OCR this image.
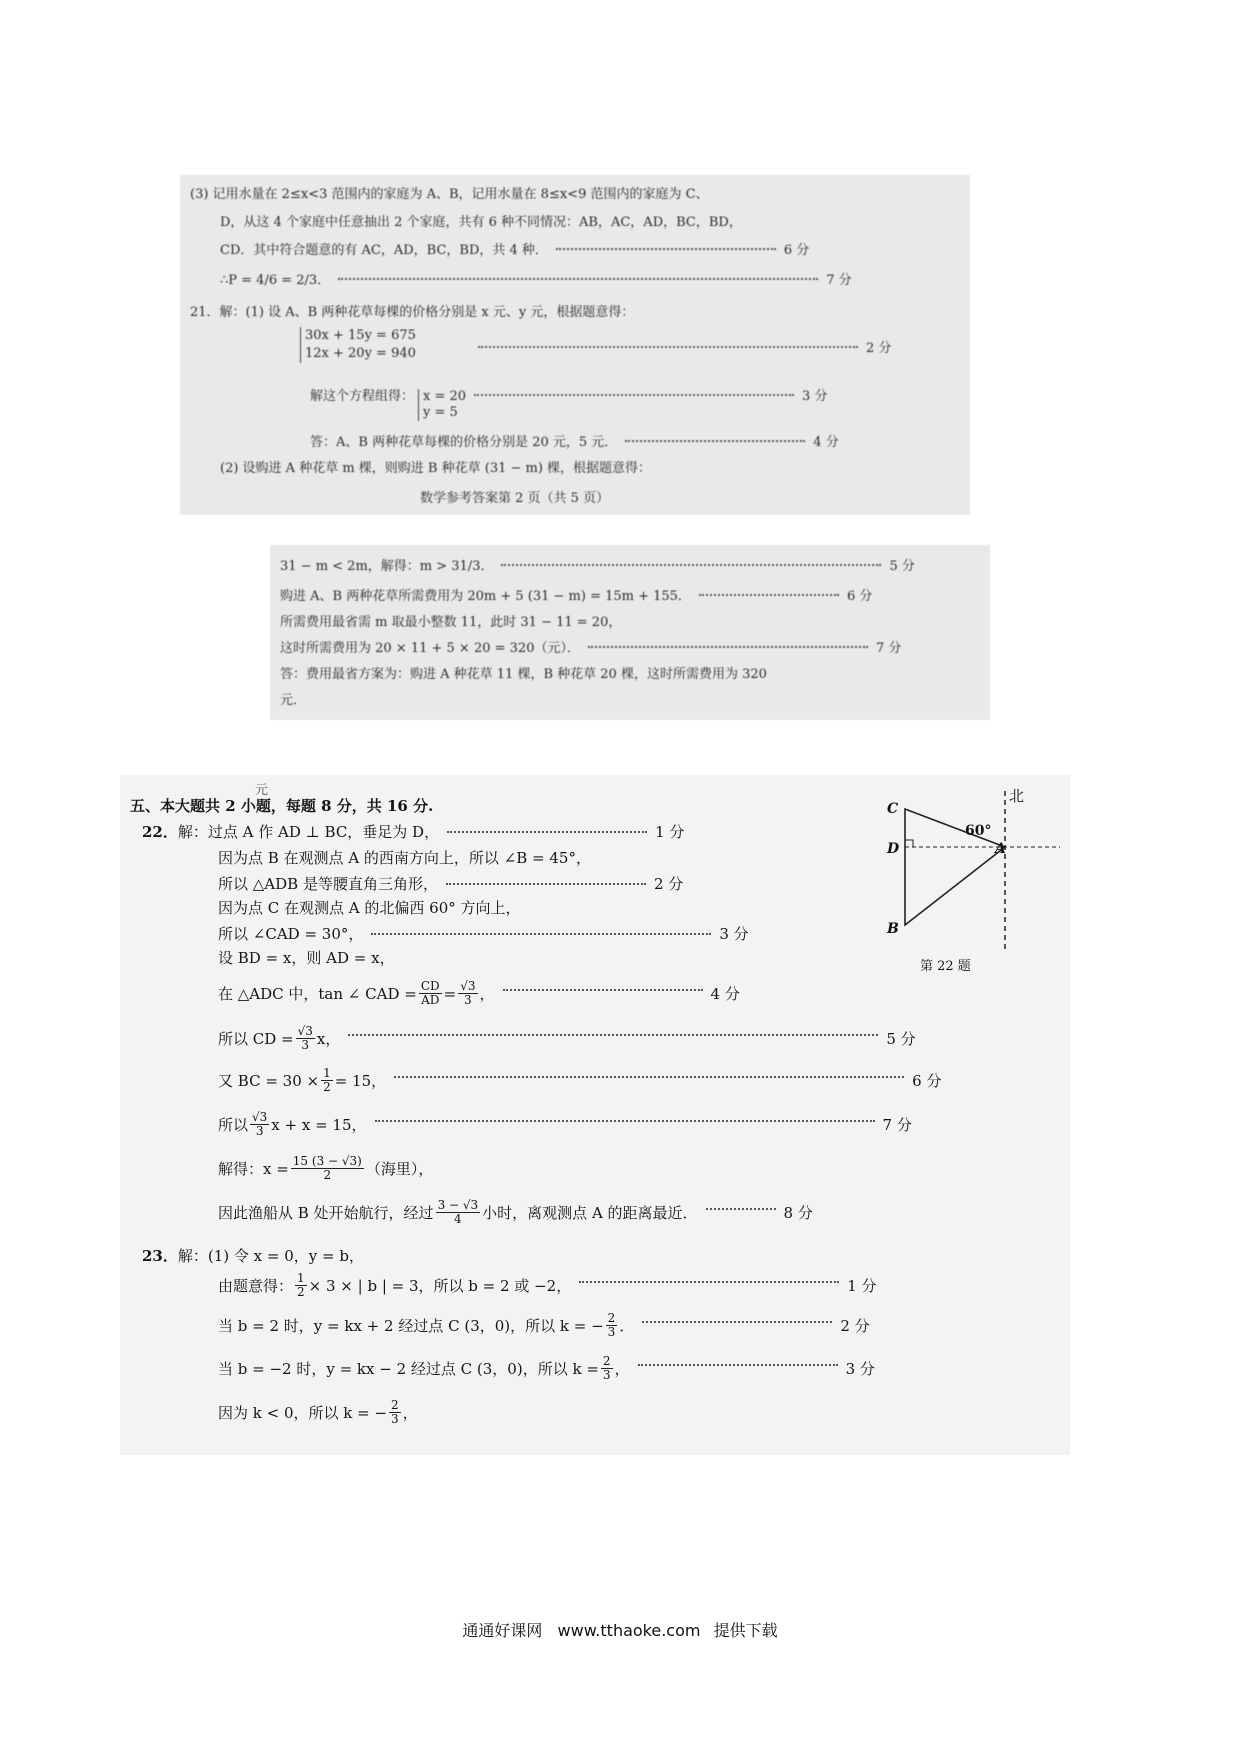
(3) 记用水量在 2≤x<3 范围内的家庭为 A、B，记用水量在 8≤x<9 范围内的家庭为 C、
D，从这 4 个家庭中任意抽出 2 个家庭，共有 6 种不同情况：AB，AC，AD，BC，BD，
CD．其中符合题意的有 AC，AD，BC，BD，共 4 种．	6 分
∴P = 4/6 = 2/3．	7 分
21．解：(1) 设 A、B 两种花草每棵的价格分别是 x 元、y 元，根据题意得：
30x + 15y = 675
12x + 20y = 940	2 分
解这个方程组得： x = 20
y = 5
3 分
答：A、B 两种花草每棵的价格分别是 20 元，5 元．	4 分
(2) 设购进 A 种花草 m 棵，则购进 B 种花草 (31 − m) 棵，根据题意得：
数学参考答案第 2 页（共 5 页）
31 − m < 2m，解得：m > 31/3．	5 分
购进 A、B 两种花草所需费用为 20m + 5 (31 − m) = 15m + 155．	6 分
所需费用最省需 m 取最小整数 11，此时 31 − 11 = 20，
这时所需费用为 20 × 11 + 5 × 20 = 320（元）．	7 分
答：费用最省方案为：购进 A 种花草 11 棵，B 种花草 20 棵，这时所需费用为 320
元．
元
五、本大题共 2 小题，每题 8 分，共 16 分.
22． 解：过点 A 作 AD ⊥ BC，垂足为 D，	1 分
因为点 B 在观测点 A 的西南方向上，所以 ∠B = 45°，
所以 △ADB 是等腰直角三角形，	2 分
因为点 C 在观测点 A 的北偏西 60° 方向上，
所以 ∠CAD = 30°，	3 分
设 BD = x，则 AD = x，
在 △ADC 中，tan ∠ CAD = $\frac{CD}{AD} = \frac{√3}{3}$ ，	4 分
所以 CD = $\frac{√3}{3}$ x，	5 分
又 BC = $30 \times \frac{1}{2} = 15$，	6 分
所以 $\frac{√3}{3}$ x + x = 15，	7 分
解得：$x = \frac{15 (3 - √3)}{2}$ （海里），
因此渔船从 B 处开始航行，经过 $\frac{3 - √3}{4}$ 小时，离观测点 A 的距离最近．	8 分
23． 解：(1) 令 x = 0，y = b，
由题意得： $\frac{1}{2} \times 3$ × | b | = 3，所以 b = 2 或 −2，	1 分
当 b = 2 时，y = kx + 2 经过点 C (3，0)，所以 k = − $\frac{2}{3}$ ．	2 分
当 b = −2 时，y = kx − 2 经过点 C (3，0)，所以 $k = \frac{2}{3}$ ，	3 分
因为 k < 0，所以 k = − $\frac{2}{3}$ ，
北
60°
A
C
D
B
第 22 题
通通好课网 www.tthaoke.com 提供下载
